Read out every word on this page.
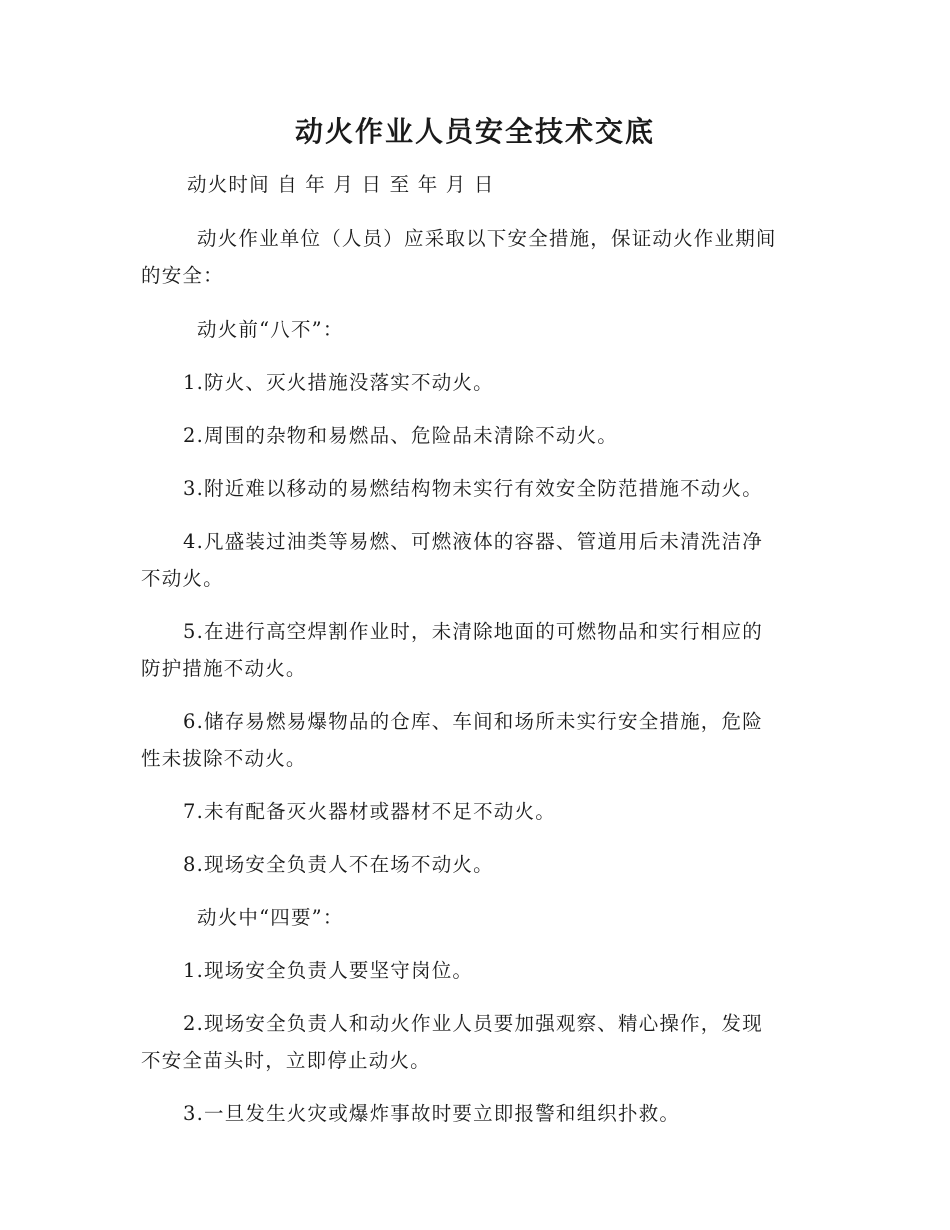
动火作业人员安全技术交底
动火时间 自 年 月 日 至 年 月 日
动火作业单位（人员）应采取以下安全措施，保证动火作业期间
的安全：
动火前“八不”：
1.防火、灭火措施没落实不动火。
2.周围的杂物和易燃品、危险品未清除不动火。
3.附近难以移动的易燃结构物未实行有效安全防范措施不动火。
4.凡盛装过油类等易燃、可燃液体的容器、管道用后未清洗洁净
不动火。
5.在进行高空焊割作业时，未清除地面的可燃物品和实行相应的
防护措施不动火。
6.储存易燃易爆物品的仓库、车间和场所未实行安全措施，危险
性未拔除不动火。
7.未有配备灭火器材或器材不足不动火。
8.现场安全负责人不在场不动火。
动火中“四要”：
1.现场安全负责人要坚守岗位。
2.现场安全负责人和动火作业人员要加强观察、精心操作，发现
不安全苗头时，立即停止动火。
3.一旦发生火灾或爆炸事故时要立即报警和组织扑救。
